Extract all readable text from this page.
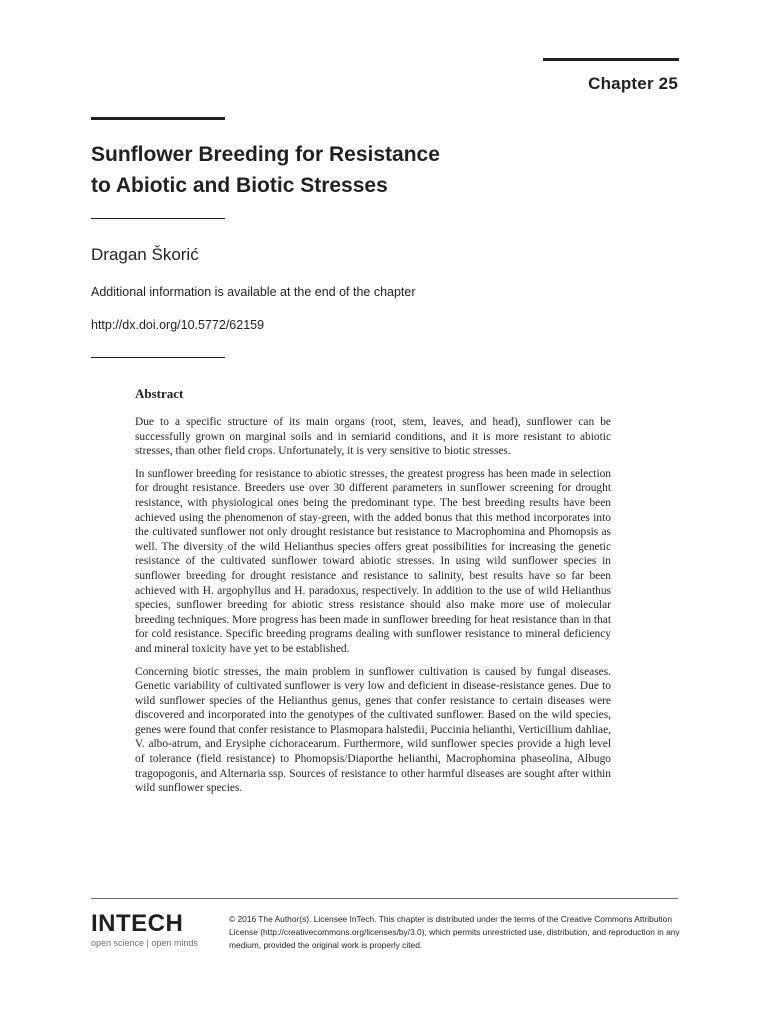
Chapter 25
Sunflower Breeding for Resistance
to Abiotic and Biotic Stresses
Dragan Škorić
Additional information is available at the end of the chapter
http://dx.doi.org/10.5772/62159
Abstract

Due to a specific structure of its main organs (root, stem, leaves, and head), sunflower can be successfully grown on marginal soils and in semiarid conditions, and it is more resistant to abiotic stresses, than other field crops. Unfortunately, it is very sensitive to biotic stresses.

In sunflower breeding for resistance to abiotic stresses, the greatest progress has been made in selection for drought resistance. Breeders use over 30 different parameters in sunflower screening for drought resistance, with physiological ones being the predominant type. The best breeding results have been achieved using the phenomenon of stay-green, with the added bonus that this method incorporates into the cultivated sunflower not only drought resistance but resistance to Macrophomina and Phomopsis as well. The diversity of the wild Helianthus species offers great possibilities for increasing the genetic resistance of the cultivated sunflower toward abiotic stresses. In using wild sunflower species in sunflower breeding for drought resistance and resistance to salinity, best results have so far been achieved with H. argophyllus and H. paradoxus, respectively. In addition to the use of wild Helianthus species, sunflower breeding for abiotic stress resistance should also make more use of molecular breeding techniques. More progress has been made in sunflower breeding for heat resistance than in that for cold resistance. Specific breeding programs dealing with sunflower resistance to mineral deficiency and mineral toxicity have yet to be established.

Concerning biotic stresses, the main problem in sunflower cultivation is caused by fungal diseases. Genetic variability of cultivated sunflower is very low and deficient in disease-resistance genes. Due to wild sunflower species of the Helianthus genus, genes that confer resistance to certain diseases were discovered and incorporated into the genotypes of the cultivated sunflower. Based on the wild species, genes were found that confer resistance to Plasmopara halstedii, Puccinia helianthi, Verticillium dahliae, V. albo-atrum, and Erysiphe cichoracearum. Furthermore, wild sunflower species provide a high level of tolerance (field resistance) to Phomopsis/Diaporthe helianthi, Macrophomina phaseolina, Albugo tragopogonis, and Alternaria ssp. Sources of resistance to other harmful diseases are sought after within wild sunflower species.

INTECH
open science | open minds
© 2016 The Author(s). Licensee InTech. This chapter is distributed under the terms of the Creative Commons Attribution License (http://creativecommons.org/licenses/by/3.0), which permits unrestricted use, distribution, and reproduction in any medium, provided the original work is properly cited.
